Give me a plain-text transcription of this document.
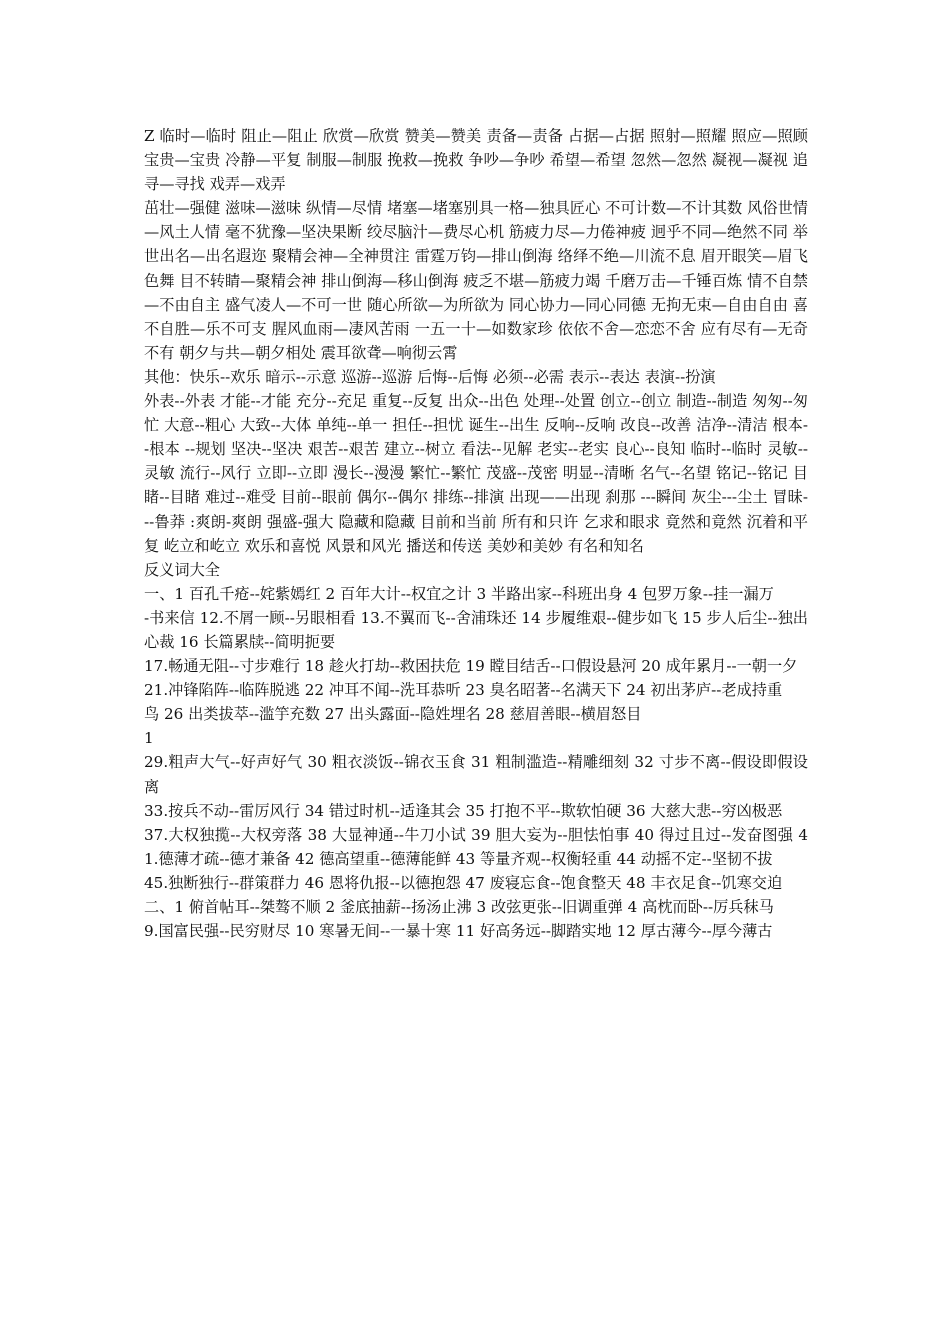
Z 临时—临时 阻止—阻止 欣赏—欣赏 赞美—赞美 责备—责备 占据—占据 照射—照耀 照应—照顾 宝贵—宝贵 冷静—平复 制服—制服 挽救—挽救 争吵—争吵 希望—希望 忽然—忽然 凝视—凝视 追寻—寻找 戏弄—戏弄

茁壮—强健 滋味—滋味 纵情—尽情 堵塞—堵塞别具一格—独具匠心 不可计数—不计其数 风俗世情—风土人情 毫不犹豫—坚决果断 绞尽脑汁—费尽心机 筋疲力尽—力倦神疲 迥乎不同—绝然不同 举世出名—出名遐迩 聚精会神—全神贯注 雷霆万钧—排山倒海 络绎不绝—川流不息 眉开眼笑—眉飞色舞 目不转睛—聚精会神 排山倒海—移山倒海 疲乏不堪—筋疲力竭 千磨万击—千锤百炼 情不自禁—不由自主 盛气凌人—不可一世 随心所欲—为所欲为 同心协力—同心同德 无拘无束—自由自由 喜不自胜—乐不可支 腥风血雨—凄风苦雨 一五一十—如数家珍 依依不舍—恋恋不舍 应有尽有—无奇不有 朝夕与共—朝夕相处 震耳欲聋—响彻云霄

其他：快乐--欢乐 暗示--示意 巡游--巡游 后悔--后悔 必须--必需 表示--表达 表演--扮演

外表--外表 才能--才能 充分--充足 重复--反复 出众--出色 处理--处置 创立--创立 制造--制造 匆匆--匆忙 大意--粗心 大致--大体 单纯--单一 担任--担忧 诞生--出生 反响--反响 改良--改善 洁净--清洁 根本--根本 --规划 坚决--坚决 艰苦--艰苦 建立--树立 看法--见解 老实--老实 良心--良知 临时--临时 灵敏--灵敏 流行--风行 立即--立即 漫长--漫漫 繁忙--繁忙 茂盛--茂密 明显--清晰 名气--名望 铭记--铭记 目睹--目睹 难过--难受 目前--眼前 偶尔--偶尔 排练--排演 出现——出现 刹那 ---瞬间 灰尘---尘土 冒昧---鲁莽 :爽朗-爽朗 强盛-强大 隐藏和隐藏 目前和当前 所有和只许 乞求和眼求 竟然和竟然 沉着和平复 屹立和屹立 欢乐和喜悦 风景和风光 播送和传送 美妙和美妙 有名和知名

反义词大全

一、1 百孔千疮--姹紫嫣红 2 百年大计--权宜之计 3 半路出家--科班出身 4 包罗万象--挂一漏万

-书来信 12.不屑一顾--另眼相看 13.不翼而飞--舍浦珠还 14 步履维艰--健步如飞 15 步人后尘--独出心裁 16 长篇累牍--简明扼要

17.畅通无阻--寸步难行 18 趁火打劫--救困扶危 19 瞠目结舌--口假设悬河 20 成年累月--一朝一夕

21.冲锋陷阵--临阵脱逃 22 冲耳不闻--洗耳恭听 23 臭名昭著--名满天下 24 初出茅庐--老成持重

鸟 26 出类拔萃--滥竽充数 27 出头露面--隐姓埋名 28 慈眉善眼--横眉怒目

1

29.粗声大气--好声好气 30 粗衣淡饭--锦衣玉食 31 粗制滥造--精雕细刻 32 寸步不离--假设即假设离

33.按兵不动--雷厉风行 34 错过时机--适逢其会 35 打抱不平--欺软怕硬 36 大慈大悲--穷凶极恶

37.大权独揽--大权旁落 38 大显神通--牛刀小试 39 胆大妄为--胆怯怕事 40 得过且过--发奋图强 41.德薄才疏--德才兼备 42 德高望重--德薄能鲜 43 等量齐观--权衡轻重 44 动摇不定--坚韧不拔

45.独断独行--群策群力 46 恩将仇报--以德抱怨 47 废寝忘食--饱食整天 48 丰衣足食--饥寒交迫

二、1 俯首帖耳--桀骜不顺 2 釜底抽薪--扬汤止沸 3 改弦更张--旧调重弹 4 高枕而卧--厉兵秣马

9.国富民强--民穷财尽 10 寒暑无间--一暴十寒 11 好高务远--脚踏实地 12 厚古薄今--厚今薄古
